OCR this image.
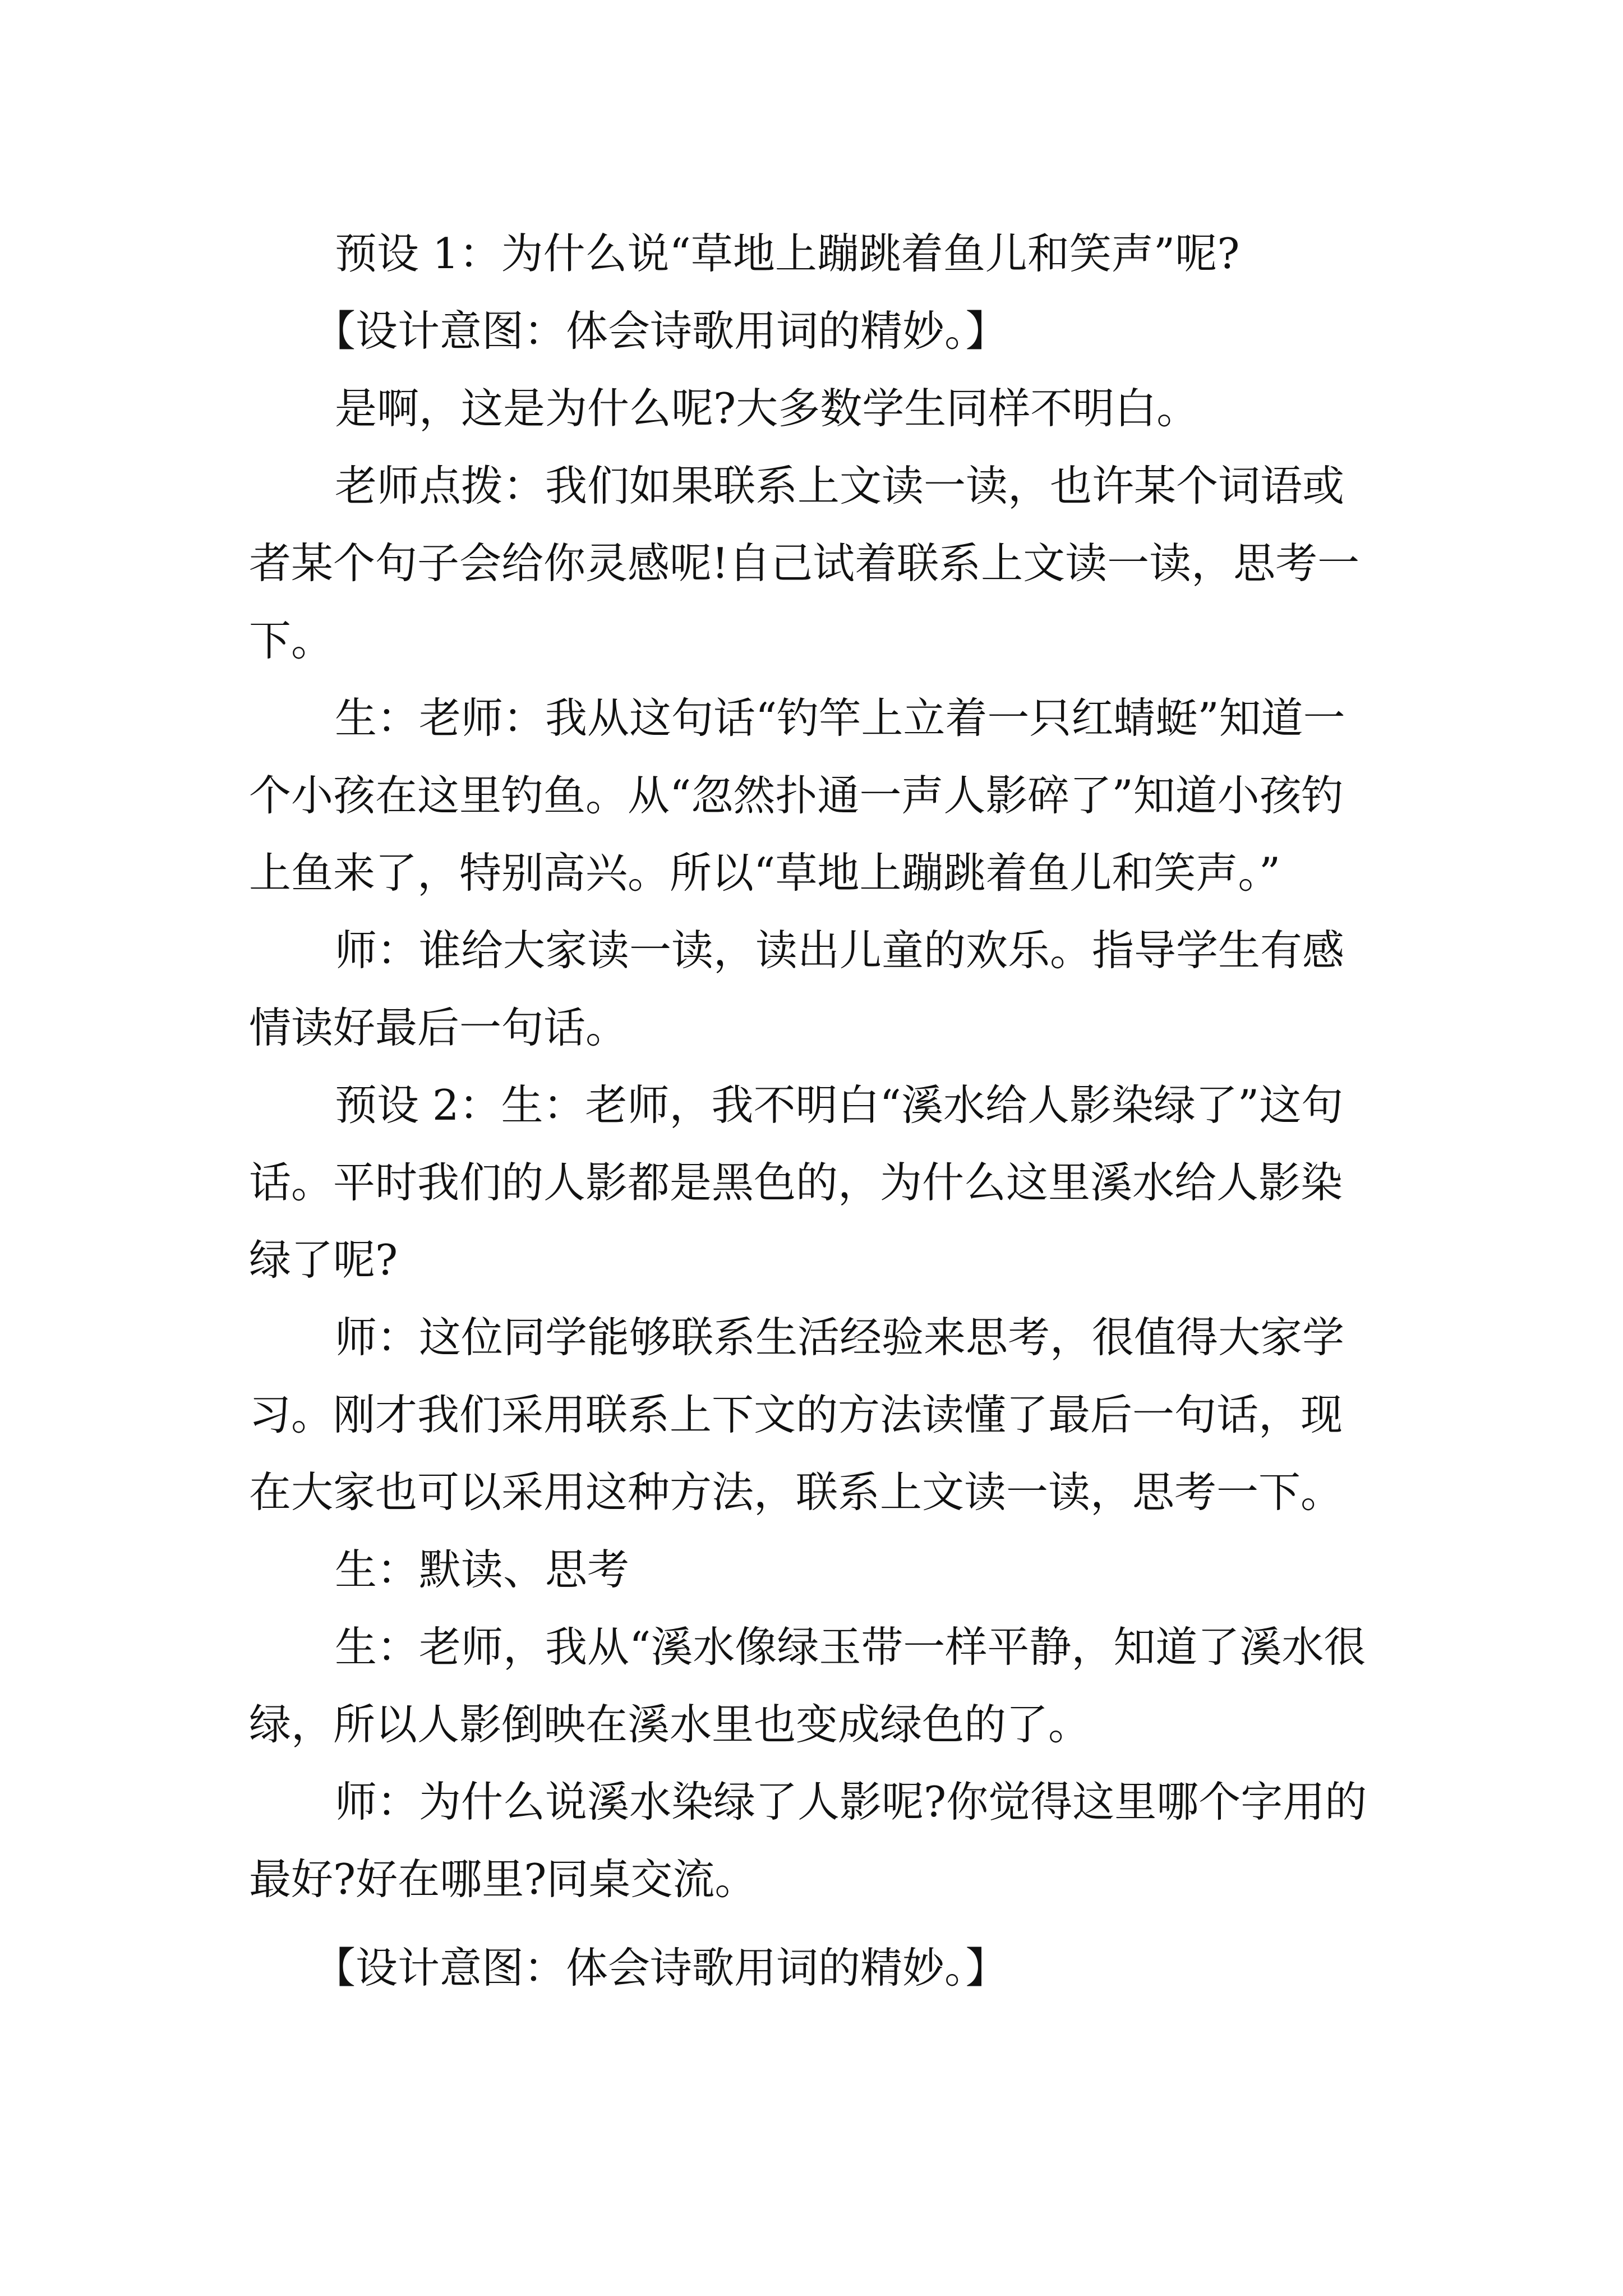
预设 1：为什么说“草地上蹦跳着鱼儿和笑声”呢?

【设计意图：体会诗歌用词的精妙。】

是啊，这是为什么呢?大多数学生同样不明白。

老师点拨：我们如果联系上文读一读，也许某个词语或者某个句子会给你灵感呢!自己试着联系上文读一读，思考一下。

生：老师：我从这句话“钓竿上立着一只红蜻蜓”知道一个小孩在这里钓鱼。从“忽然扑通一声人影碎了”知道小孩钓上鱼来了，特别高兴。所以“草地上蹦跳着鱼儿和笑声。”

师：谁给大家读一读，读出儿童的欢乐。指导学生有感情读好最后一句话。

预设 2：生：老师，我不明白“溪水给人影染绿了”这句话。平时我们的人影都是黑色的，为什么这里溪水给人影染绿了呢?

师：这位同学能够联系生活经验来思考，很值得大家学习。刚才我们采用联系上下文的方法读懂了最后一句话，现在大家也可以采用这种方法，联系上文读一读，思考一下。

生：默读、思考

生：老师，我从“溪水像绿玉带一样平静，知道了溪水很绿，所以人影倒映在溪水里也变成绿色的了。

师：为什么说溪水染绿了人影呢?你觉得这里哪个字用的最好?好在哪里?同桌交流。

【设计意图：体会诗歌用词的精妙。】
